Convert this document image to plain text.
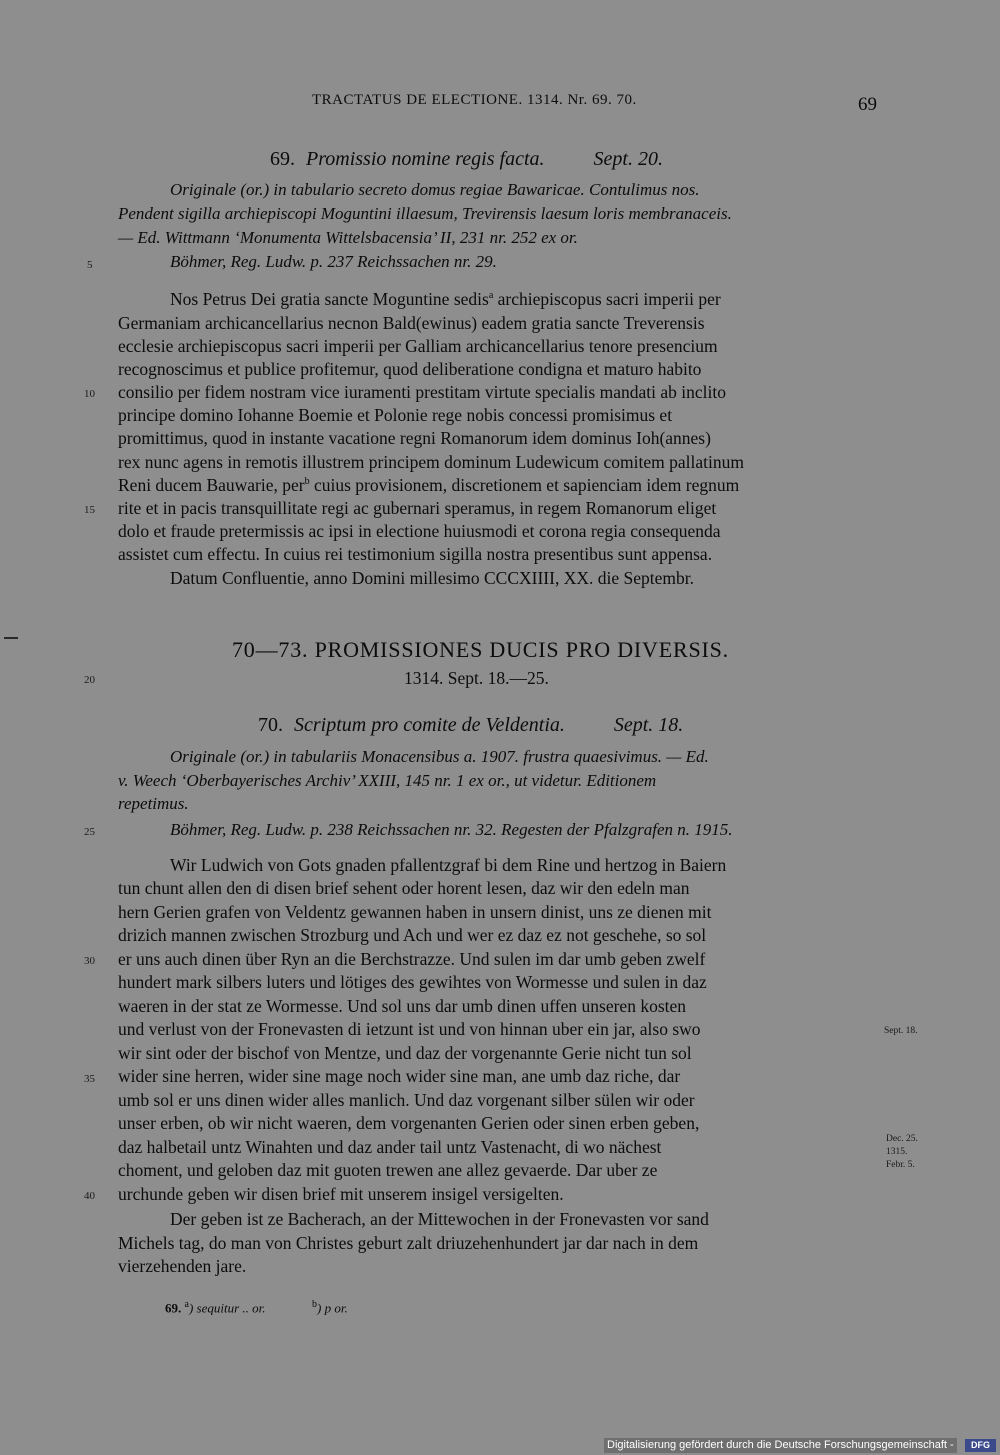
TRACTATUS DE ELECTIONE. 1314. Nr. 69. 70.	69
69. Promissio nomine regis facta. Sept. 20.
Originale (or.) in tabulario secreto domus regiae Bawaricae. Contulimus nos.
Pendent sigilla archiepiscopi Moguntini illaesum, Trevirensis laesum loris membranaceis.
— Ed. Wittmann ‘Monumenta Wittelsbacensia’ II, 231 nr. 252 ex or.
Böhmer, Reg. Ludw. p. 237 Reichssachen nr. 29.
Nos Petrus Dei gratia sancte Moguntine sedis$^a$ archiepiscopus sacri imperii per
Germaniam archicancellarius necnon Bald(ewinus) eadem gratia sancte Treverensis
ecclesie archiepiscopus sacri imperii per Galliam archicancellarius tenore presencium
recognoscimus et publice profitemur, quod deliberatione condigna et maturo habito
consilio per fidem nostram vice iuramenti prestitam virtute specialis mandati ab inclito
principe domino Iohanne Boemie et Polonie rege nobis concessi promisimus et
promittimus, quod in instante vacatione regni Romanorum idem dominus Ioh(annes)
rex nunc agens in remotis illustrem principem dominum Ludewicum comitem pallatinum
Reni ducem Bauwarie, per$^b$ cuius provisionem, discretionem et sapienciam idem regnum
rite et in pacis transquillitate regi ac gubernari speramus, in regem Romanorum eliget
dolo et fraude pretermissis ac ipsi in electione huiusmodi et corona regia consequenda
assistet cum effectu. In cuius rei testimonium sigilla nostra presentibus sunt appensa.
Datum Confluentie, anno Domini millesimo CCCXIIII, XX. die Septembr.
70—73. PROMISSIONES DUCIS PRO DIVERSIS.
1314. Sept. 18.—25.
70. Scriptum pro comite de Veldentia. Sept. 18.
Originale (or.) in tabulariis Monacensibus a. 1907. frustra quaesivimus. — Ed.
v. Weech ‘Oberbayerisches Archiv’ XXIII, 145 nr. 1 ex or., ut videtur. Editionem
repetimus.
Böhmer, Reg. Ludw. p. 238 Reichssachen nr. 32. Regesten der Pfalzgrafen n. 1915.
Wir Ludwich von Gots gnaden pfallentzgraf bi dem Rine und hertzog in Baiern
tun chunt allen den di disen brief sehent oder horent lesen, daz wir den edeln man
hern Gerien grafen von Veldentz gewannen haben in unsern dinist, uns ze dienen mit
drizich mannen zwischen Strozburg und Ach und wer ez daz ez not geschehe, so sol
er uns auch dinen über Ryn an die Berchstrazze. Und sulen im dar umb geben zwelf
hundert mark silbers luters und lötiges des gewihtes von Wormesse und sulen in daz
waeren in der stat ze Wormesse. Und sol uns dar umb dinen uffen unseren kosten
und verlust von der Fronevasten di ietzunt ist und von hinnan uber ein jar, also swo
wir sint oder der bischof von Mentze, und daz der vorgenannte Gerie nicht tun sol
wider sine herren, wider sine mage noch wider sine man, ane umb daz riche, dar
umb sol er uns dinen wider alles manlich. Und daz vorgenant silber sülen wir oder
unser erben, ob wir nicht waeren, dem vorgenanten Gerien oder sinen erben geben,
daz halbetail untz Winahten und daz ander tail untz Vastenacht, di wo nächest
choment, und geloben daz mit guoten trewen ane allez gevaerde. Dar uber ze
urchunde geben wir disen brief mit unserem insigel versigelten.
Der geben ist ze Bacherach, an der Mittewochen in der Fronevasten vor sand
Michels tag, do man von Christes geburt zalt driuzehenhundert jar dar nach in dem
vierzehenden jare.
Sept. 18.
Dec. 25.
1315.
Febr. 5.
5
10
15
20
25
30
35
40
69. $^a$) sequitur .. or.	$^b$) p or.
Digitalisierung gefördert durch die Deutsche Forschungsgemeinschaft -	DFG
